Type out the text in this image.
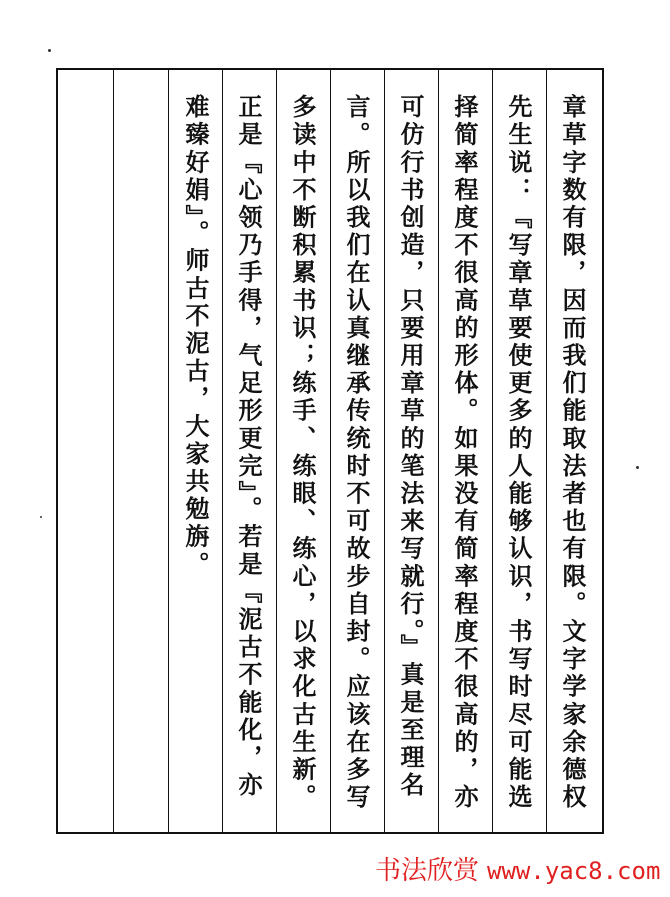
章草字数有限，因而我们能取法者也有限。文字学家余德权
先生说：『写章草要使更多的人能够认识，书写时尽可能选
择简率程度不很高的形体。如果没有简率程度不很高的，亦
可仿行书创造，只要用章草的笔法来写就行。』真是至理名
言。所以我们在认真继承传统时不可故步自封。应该在多写
多读中不断积累书识；练手、练眼、练心，以求化古生新。
正是『心领乃手得，气足形更完』。若是『泥古不能化，亦
难臻好娟』。师古不泥古，大家共勉旃。
书法欣赏 www.yac8.com
